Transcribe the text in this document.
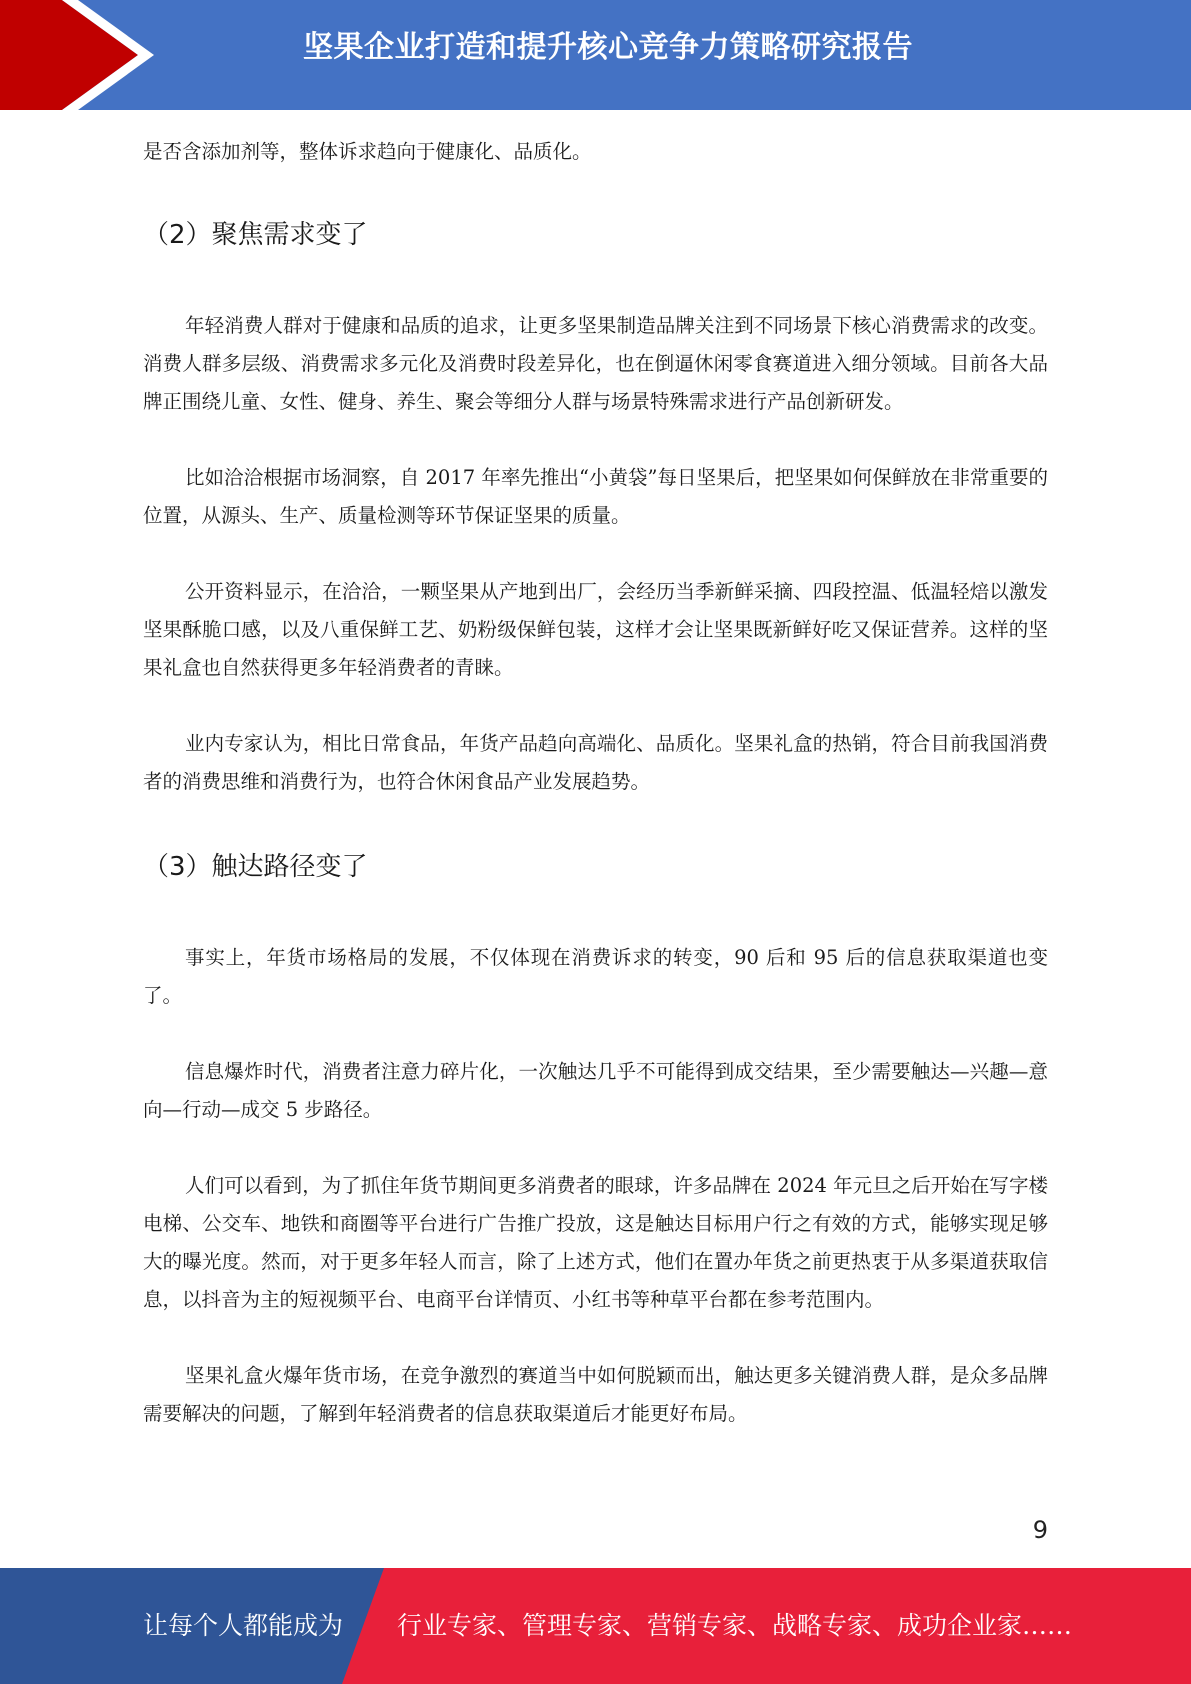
坚果企业打造和提升核心竞争力策略研究报告

是否含添加剂等，整体诉求趋向于健康化、品质化。

（2）聚焦需求变了

年轻消费人群对于健康和品质的追求，让更多坚果制造品牌关注到不同场景下核心消费需求的改变。消费人群多层级、消费需求多元化及消费时段差异化，也在倒逼休闲零食赛道进入细分领域。目前各大品牌正围绕儿童、女性、健身、养生、聚会等细分人群与场景特殊需求进行产品创新研发。

比如洽洽根据市场洞察，自 2017 年率先推出“小黄袋”每日坚果后，把坚果如何保鲜放在非常重要的位置，从源头、生产、质量检测等环节保证坚果的质量。

公开资料显示，在洽洽，一颗坚果从产地到出厂，会经历当季新鲜采摘、四段控温、低温轻焙以激发坚果酥脆口感，以及八重保鲜工艺、奶粉级保鲜包装，这样才会让坚果既新鲜好吃又保证营养。这样的坚果礼盒也自然获得更多年轻消费者的青睐。

业内专家认为，相比日常食品，年货产品趋向高端化、品质化。坚果礼盒的热销，符合目前我国消费者的消费思维和消费行为，也符合休闲食品产业发展趋势。

（3）触达路径变了

事实上，年货市场格局的发展，不仅体现在消费诉求的转变，90 后和 95 后的信息获取渠道也变了。

信息爆炸时代，消费者注意力碎片化，一次触达几乎不可能得到成交结果，至少需要触达—兴趣—意向—行动—成交 5 步路径。

人们可以看到，为了抓住年货节期间更多消费者的眼球，许多品牌在 2024 年元旦之后开始在写字楼电梯、公交车、地铁和商圈等平台进行广告推广投放，这是触达目标用户行之有效的方式，能够实现足够大的曝光度。然而，对于更多年轻人而言，除了上述方式，他们在置办年货之前更热衷于从多渠道获取信息，以抖音为主的短视频平台、电商平台详情页、小红书等种草平台都在参考范围内。

坚果礼盒火爆年货市场，在竞争激烈的赛道当中如何脱颖而出，触达更多关键消费人群，是众多品牌需要解决的问题，了解到年轻消费者的信息获取渠道后才能更好布局。

9
让每个人都能成为 行业专家、管理专家、营销专家、战略专家、成功企业家……
